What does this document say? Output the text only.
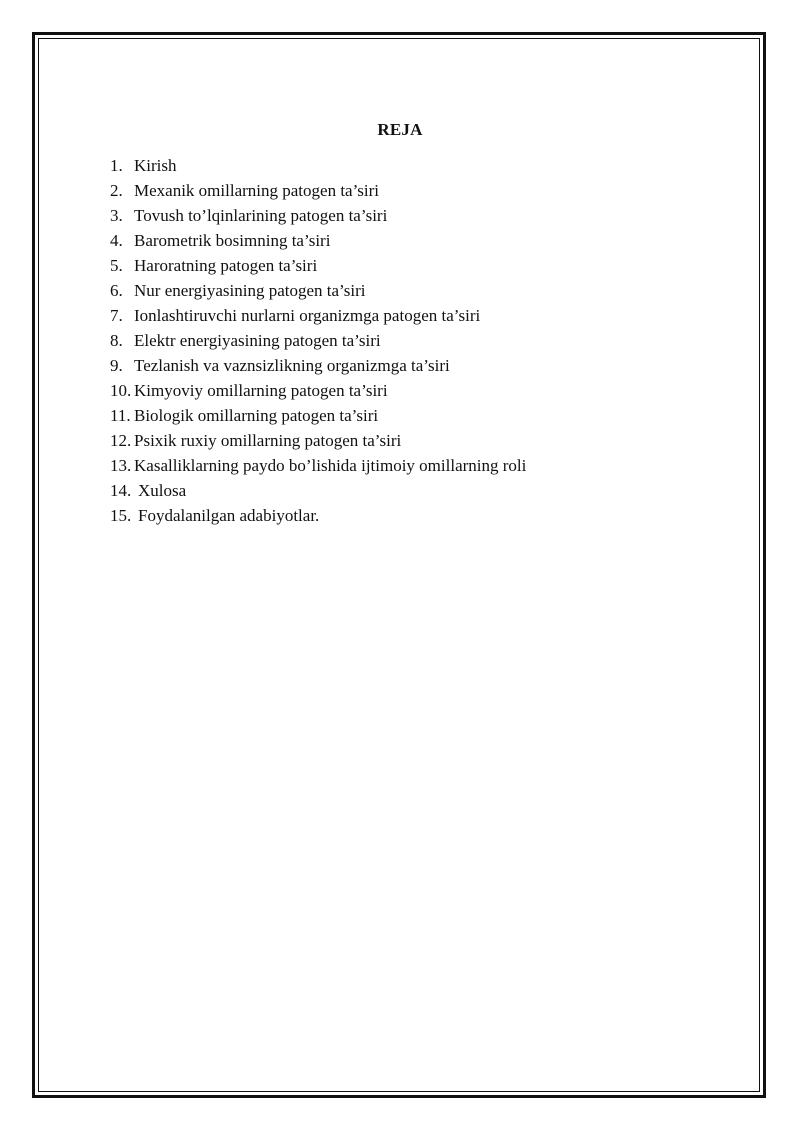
REJA
1. Kirish
2. Mexanik omillarning patogen ta’siri
3. Tovush to’lqinlarining patogen ta’siri
4. Barometrik bosimning ta’siri
5. Haroratning patogen ta’siri
6. Nur energiyasining patogen ta’siri
7. Ionlashtiruvchi nurlarni organizmga patogen ta’siri
8. Elektr energiyasining patogen ta’siri
9. Tezlanish va vaznsizlikning organizmga ta’siri
10. Kimyoviy omillarning patogen ta’siri
11. Biologik omillarning patogen ta’siri
12. Psixik ruxiy omillarning patogen ta’siri
13. Kasalliklarning paydo bo’lishida ijtimoiy omillarning roli
14. Xulosa
15. Foydalanilgan adabiyotlar.
